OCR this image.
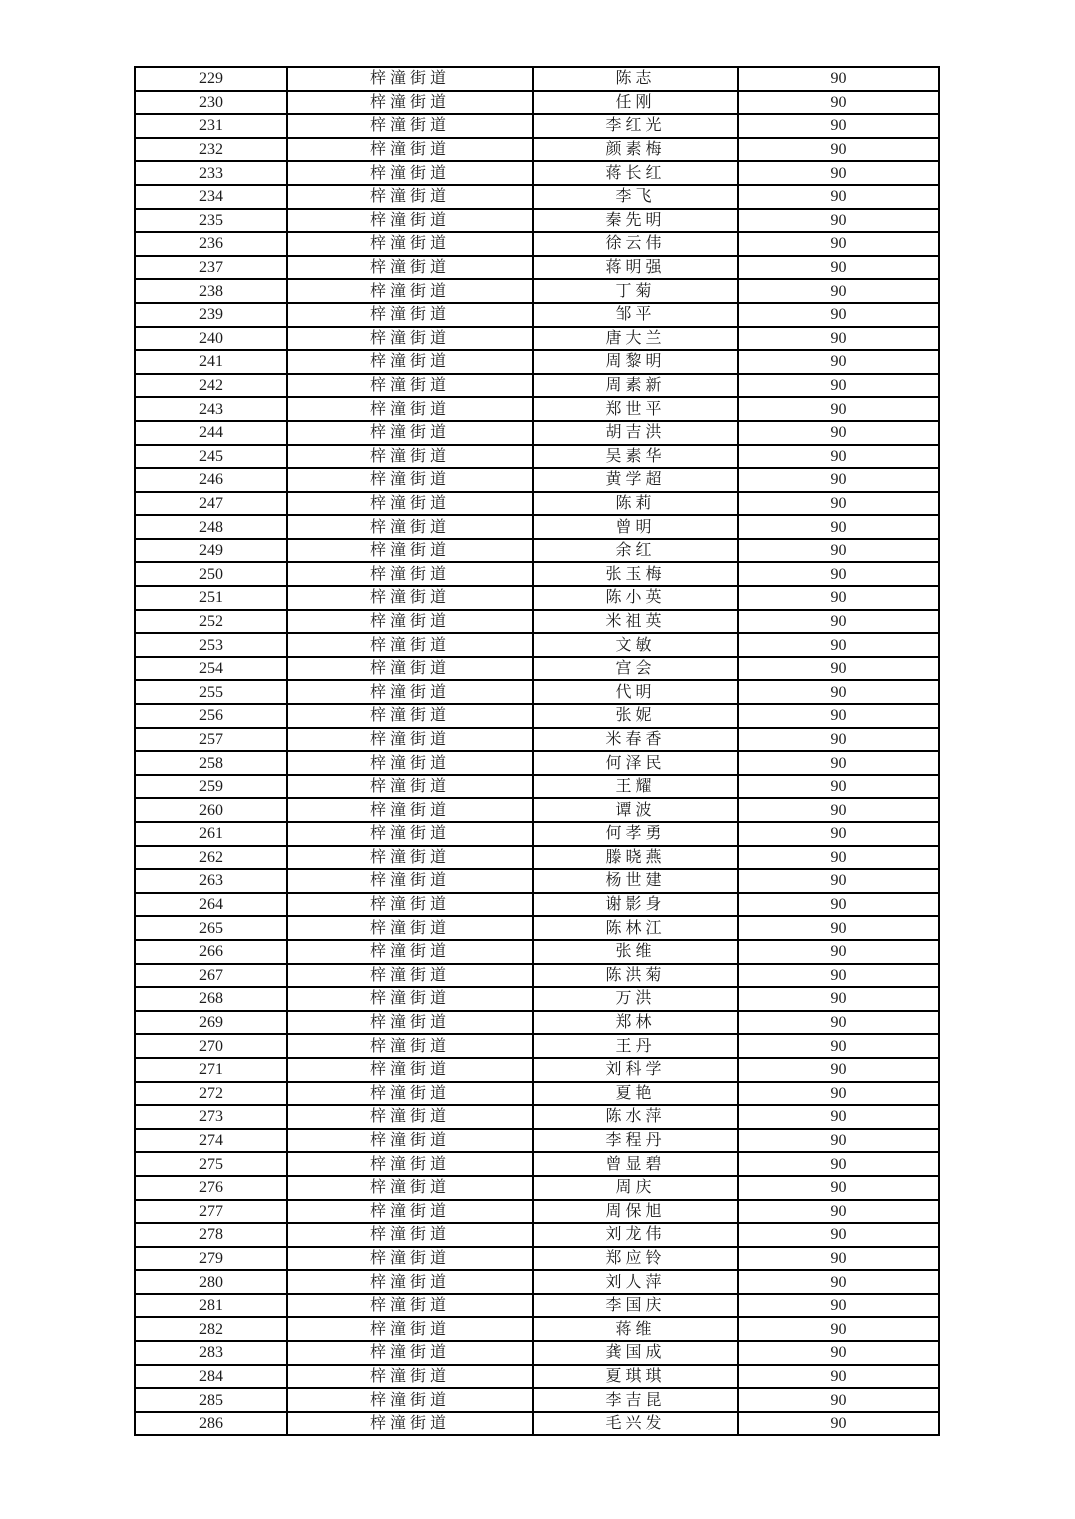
229	梓潼街道	陈志	90
230	梓潼街道	任刚	90
231	梓潼街道	李红光	90
232	梓潼街道	颜素梅	90
233	梓潼街道	蒋长红	90
234	梓潼街道	李飞	90
235	梓潼街道	秦先明	90
236	梓潼街道	徐云伟	90
237	梓潼街道	蒋明强	90
238	梓潼街道	丁菊	90
239	梓潼街道	邹平	90
240	梓潼街道	唐大兰	90
241	梓潼街道	周黎明	90
242	梓潼街道	周素新	90
243	梓潼街道	郑世平	90
244	梓潼街道	胡吉洪	90
245	梓潼街道	吴素华	90
246	梓潼街道	黄学超	90
247	梓潼街道	陈莉	90
248	梓潼街道	曾明	90
249	梓潼街道	余红	90
250	梓潼街道	张玉梅	90
251	梓潼街道	陈小英	90
252	梓潼街道	米祖英	90
253	梓潼街道	文敏	90
254	梓潼街道	宫会	90
255	梓潼街道	代明	90
256	梓潼街道	张妮	90
257	梓潼街道	米春香	90
258	梓潼街道	何泽民	90
259	梓潼街道	王耀	90
260	梓潼街道	谭波	90
261	梓潼街道	何孝勇	90
262	梓潼街道	滕晓燕	90
263	梓潼街道	杨世建	90
264	梓潼街道	谢影身	90
265	梓潼街道	陈林江	90
266	梓潼街道	张维	90
267	梓潼街道	陈洪菊	90
268	梓潼街道	万洪	90
269	梓潼街道	郑林	90
270	梓潼街道	王丹	90
271	梓潼街道	刘科学	90
272	梓潼街道	夏艳	90
273	梓潼街道	陈水萍	90
274	梓潼街道	李程丹	90
275	梓潼街道	曾显碧	90
276	梓潼街道	周庆	90
277	梓潼街道	周保旭	90
278	梓潼街道	刘龙伟	90
279	梓潼街道	郑应铃	90
280	梓潼街道	刘人萍	90
281	梓潼街道	李国庆	90
282	梓潼街道	蒋维	90
283	梓潼街道	龚国成	90
284	梓潼街道	夏琪琪	90
285	梓潼街道	李吉昆	90
286	梓潼街道	毛兴发	90
